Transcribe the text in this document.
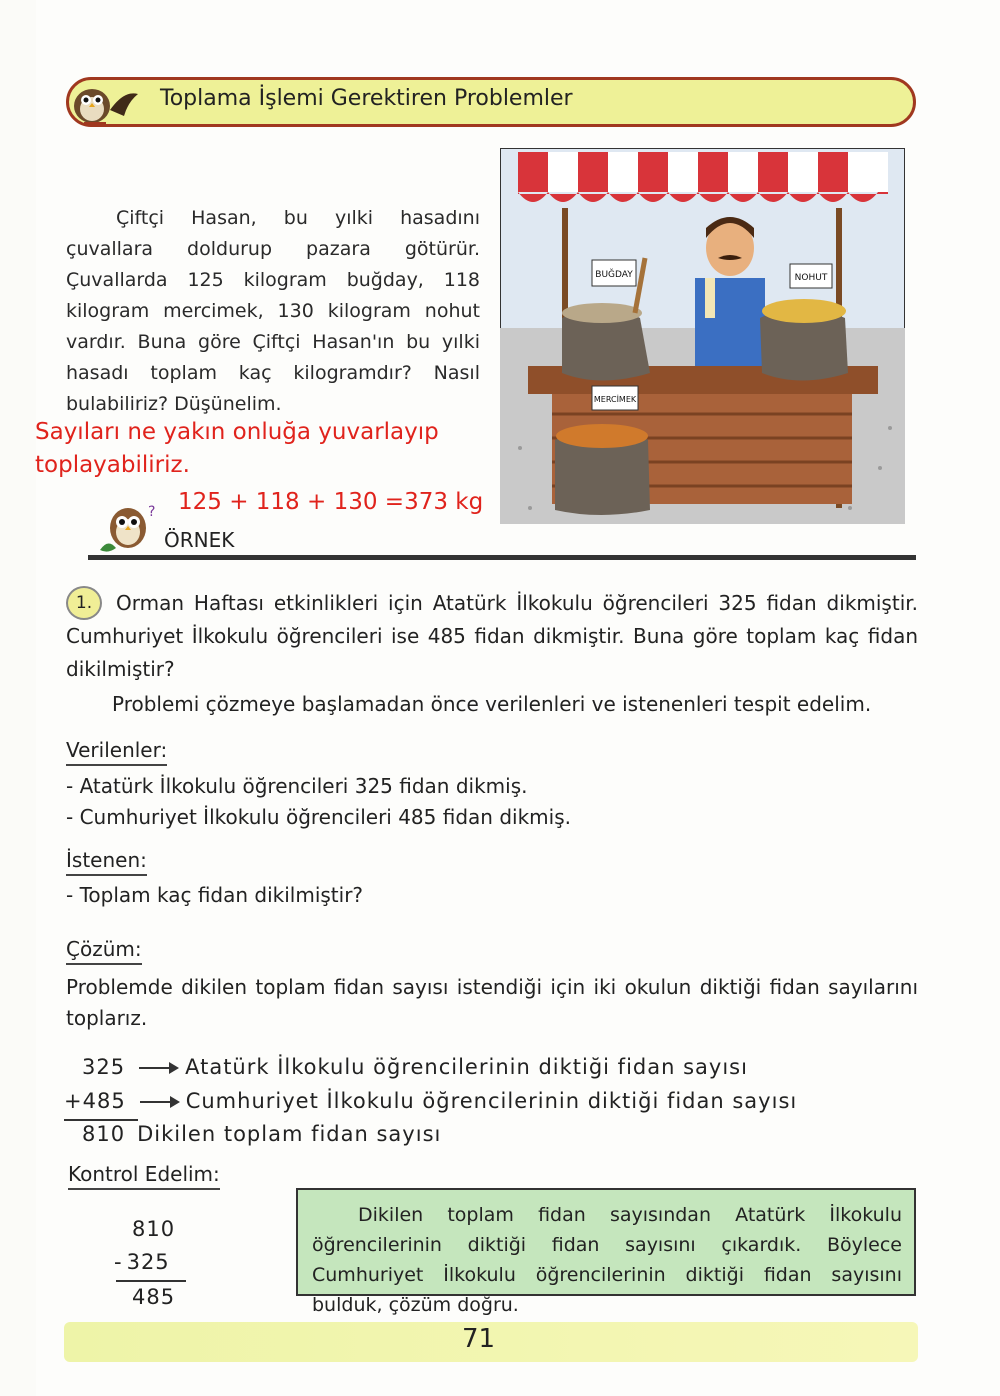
Toplama İşlemi Gerektiren Problemler

Çiftçi Hasan, bu yılki hasadını çuvallara doldurup pazara götürür. Çuvallarda 125 kilogram buğday, 118 kilogram mercimek, 130 kilogram nohut vardır. Buna göre Çiftçi Hasan'ın bu yılki hasadı toplam kaç kilogramdır? Nasıl bulabiliriz? Düşünelim.

BUĞDAY	NOHUT
MERCİMEK
Sayıları ne yakın onluğa yuvarlayıp
toplayabiliriz.
125 + 118 + 130 =373 kg
?
ÖRNEK
1.	Orman Haftası etkinlikleri için Atatürk İlkokulu öğrencileri 325 fidan dikmiştir. Cumhuriyet İlkokulu öğrencileri ise 485 fidan dikmiştir. Buna göre toplam kaç fidan dikilmiştir?
Problemi çözmeye başlamadan önce verilenleri ve istenenleri tespit edelim.
Verilenler:
- Atatürk İlkokulu öğrencileri 325 fidan dikmiş.
- Cumhuriyet İlkokulu öğrencileri 485 fidan dikmiş.
İstenen:
- Toplam kaç fidan dikilmiştir?
Çözüm:
Problemde dikilen toplam fidan sayısı istendiği için iki okulun diktiği fidan sayılarını toplarız.
325	Atatürk İlkokulu öğrencilerinin diktiği fidan sayısı
+485	Cumhuriyet İlkokulu öğrencilerinin diktiği fidan sayısı
810 Dikilen toplam fidan sayısı
Kontrol Edelim:
810
- 325
485
Dikilen toplam fidan sayısından Atatürk İlkokulu öğrencilerinin diktiği fidan sayısını çıkardık. Böylece Cumhuriyet İlkokulu öğrencilerinin diktiği fidan sayısını bulduk, çözüm doğru.
71
